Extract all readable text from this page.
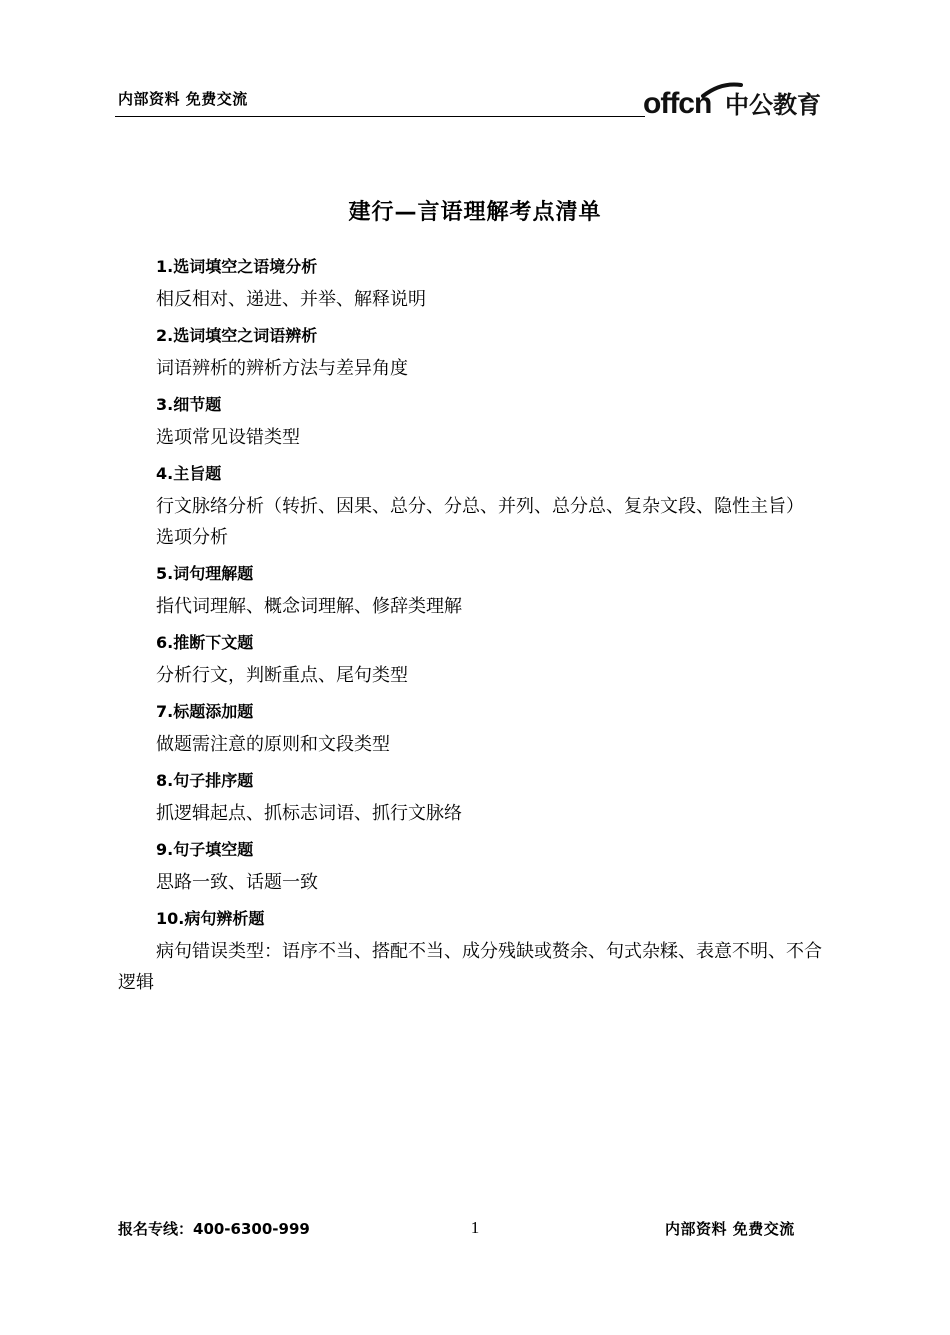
内部资料 免费交流	offcn 中公教育
建行—言语理解考点清单
1.选词填空之语境分析
相反相对、递进、并举、解释说明
2.选词填空之词语辨析
词语辨析的辨析方法与差异角度
3.细节题
选项常见设错类型
4.主旨题
行文脉络分析（转折、因果、总分、分总、并列、总分总、复杂文段、隐性主旨）
选项分析
5.词句理解题
指代词理解、概念词理解、修辞类理解
6.推断下文题
分析行文，判断重点、尾句类型
7.标题添加题
做题需注意的原则和文段类型
8.句子排序题
抓逻辑起点、抓标志词语、抓行文脉络
9.句子填空题
思路一致、话题一致
10.病句辨析题
病句错误类型：语序不当、搭配不当、成分残缺或赘余、句式杂糅、表意不明、不合逻辑
报名专线：400-6300-999	1	内部资料 免费交流
